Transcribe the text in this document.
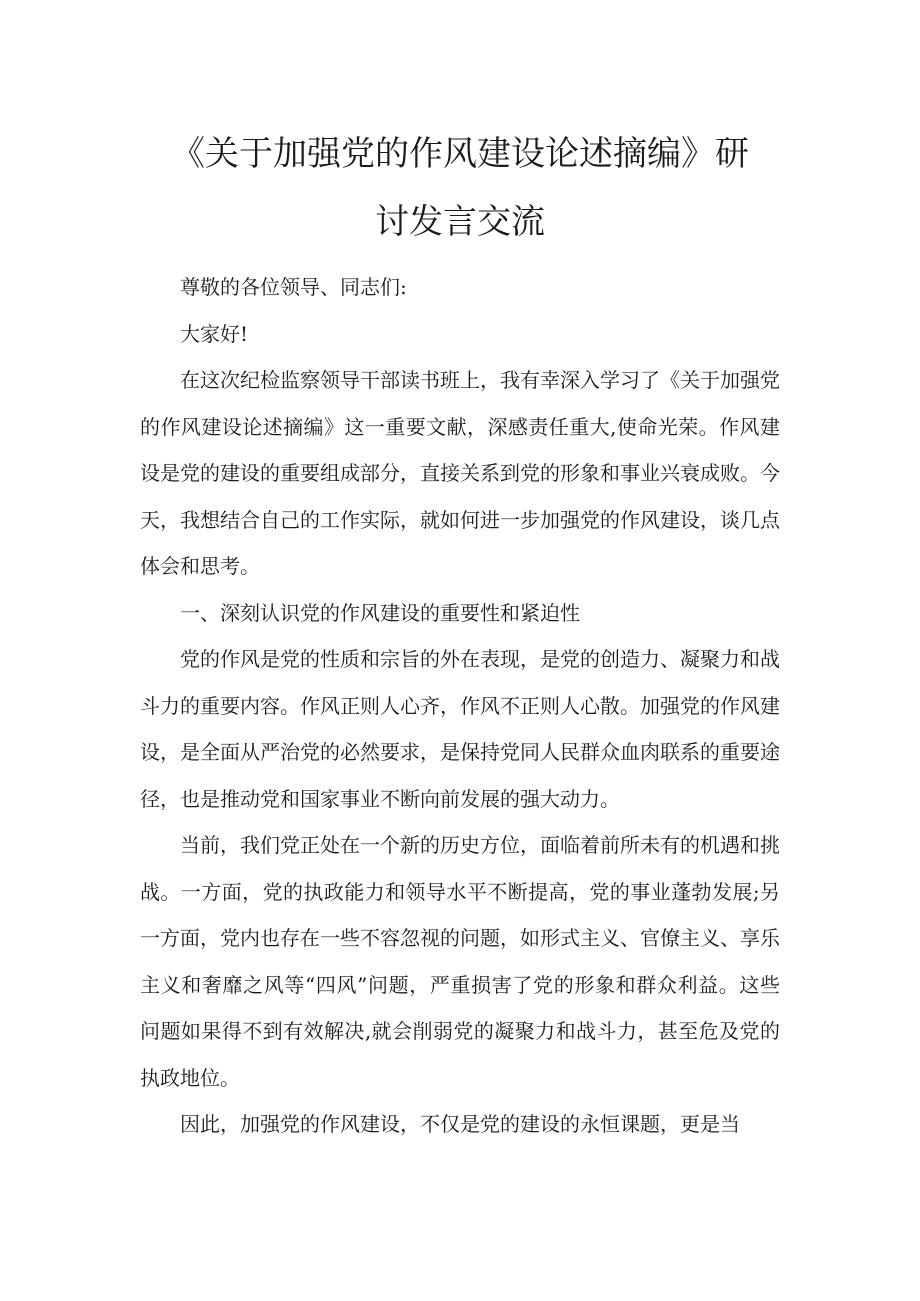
《关于加强党的作风建设论述摘编》研
讨发言交流

尊敬的各位领导、同志们:

大家好!

在这次纪检监察领导干部读书班上，我有幸深入学习了《关于加强党的作风建设论述摘编》这一重要文献，深感责任重大,使命光荣。作风建设是党的建设的重要组成部分，直接关系到党的形象和事业兴衰成败。今天，我想结合自己的工作实际，就如何进一步加强党的作风建设，谈几点体会和思考。

一、深刻认识党的作风建设的重要性和紧迫性

党的作风是党的性质和宗旨的外在表现，是党的创造力、凝聚力和战斗力的重要内容。作风正则人心齐，作风不正则人心散。加强党的作风建设，是全面从严治党的必然要求，是保持党同人民群众血肉联系的重要途径，也是推动党和国家事业不断向前发展的强大动力。

当前，我们党正处在一个新的历史方位，面临着前所未有的机遇和挑战。一方面，党的执政能力和领导水平不断提高，党的事业蓬勃发展;另一方面，党内也存在一些不容忽视的问题，如形式主义、官僚主义、享乐主义和奢靡之风等“四风”问题，严重损害了党的形象和群众利益。这些问题如果得不到有效解决,就会削弱党的凝聚力和战斗力，甚至危及党的执政地位。

因此，加强党的作风建设，不仅是党的建设的永恒课题，更是当
